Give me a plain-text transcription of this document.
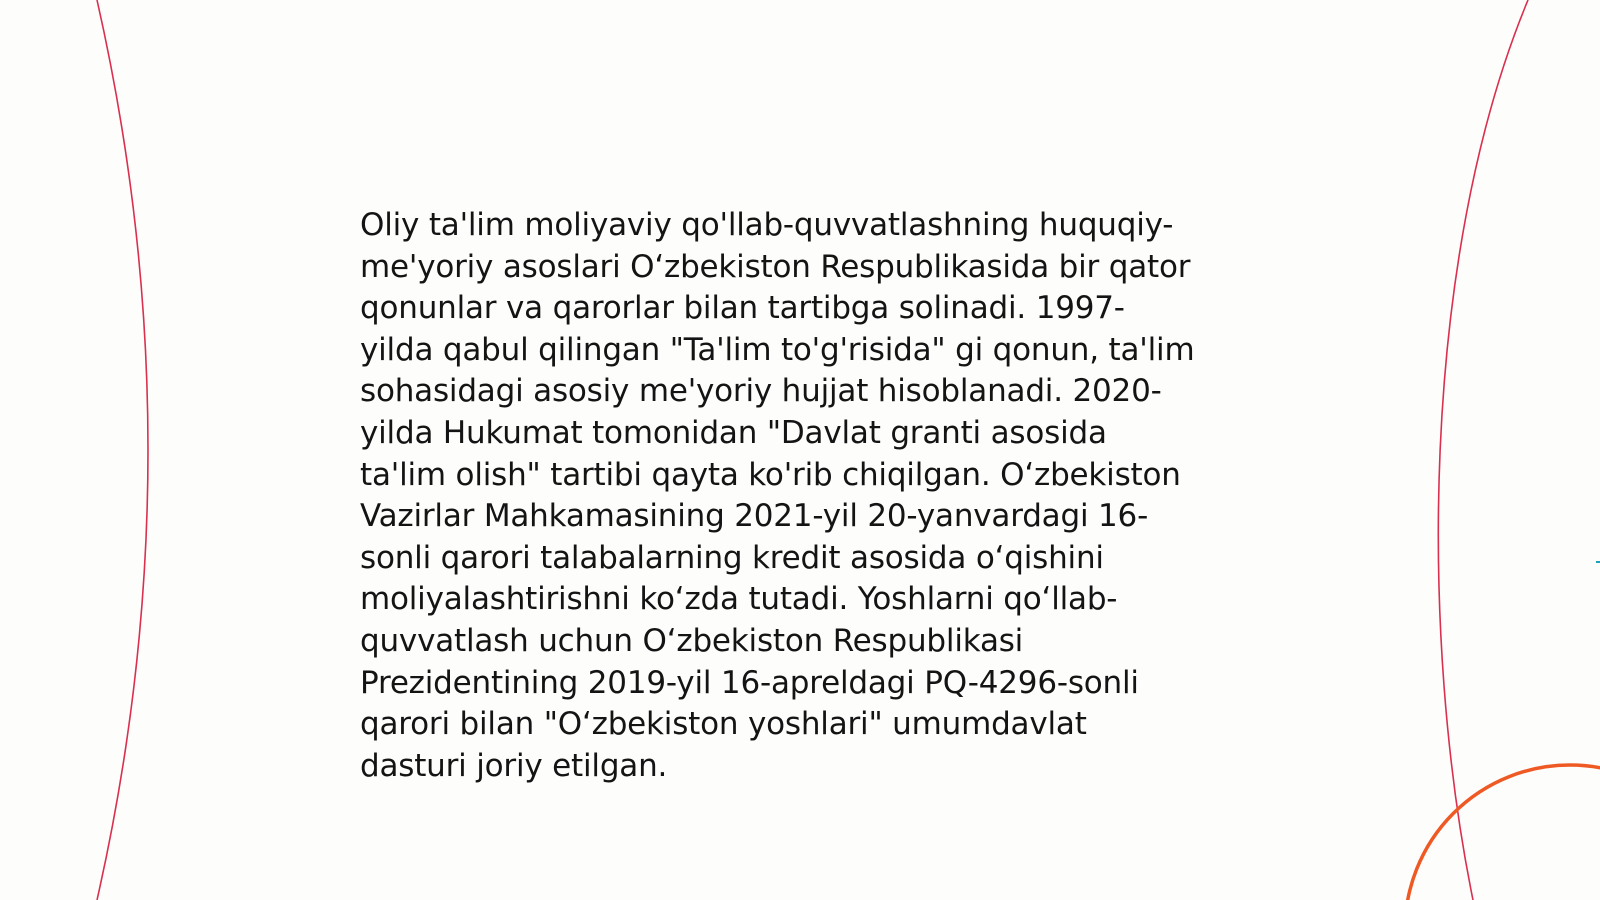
Oliy ta'lim moliyaviy qo'llab-quvvatlashning huquqiy-
me'yoriy asoslari O‘zbekiston Respublikasida bir qator
qonunlar va qarorlar bilan tartibga solinadi. 1997-
yilda qabul qilingan "Ta'lim to'g'risida" gi qonun, ta'lim
sohasidagi asosiy me'yoriy hujjat hisoblanadi. 2020-
yilda Hukumat tomonidan "Davlat granti asosida
ta'lim olish" tartibi qayta ko'rib chiqilgan. O‘zbekiston
Vazirlar Mahkamasining 2021-yil 20-yanvardagi 16-
sonli qarori talabalarning kredit asosida o‘qishini
moliyalashtirishni ko‘zda tutadi. Yoshlarni qo‘llab-
quvvatlash uchun O‘zbekiston Respublikasi
Prezidentining 2019-yil 16-apreldagi PQ-4296-sonli
qarori bilan "O‘zbekiston yoshlari" umumdavlat
dasturi joriy etilgan.
